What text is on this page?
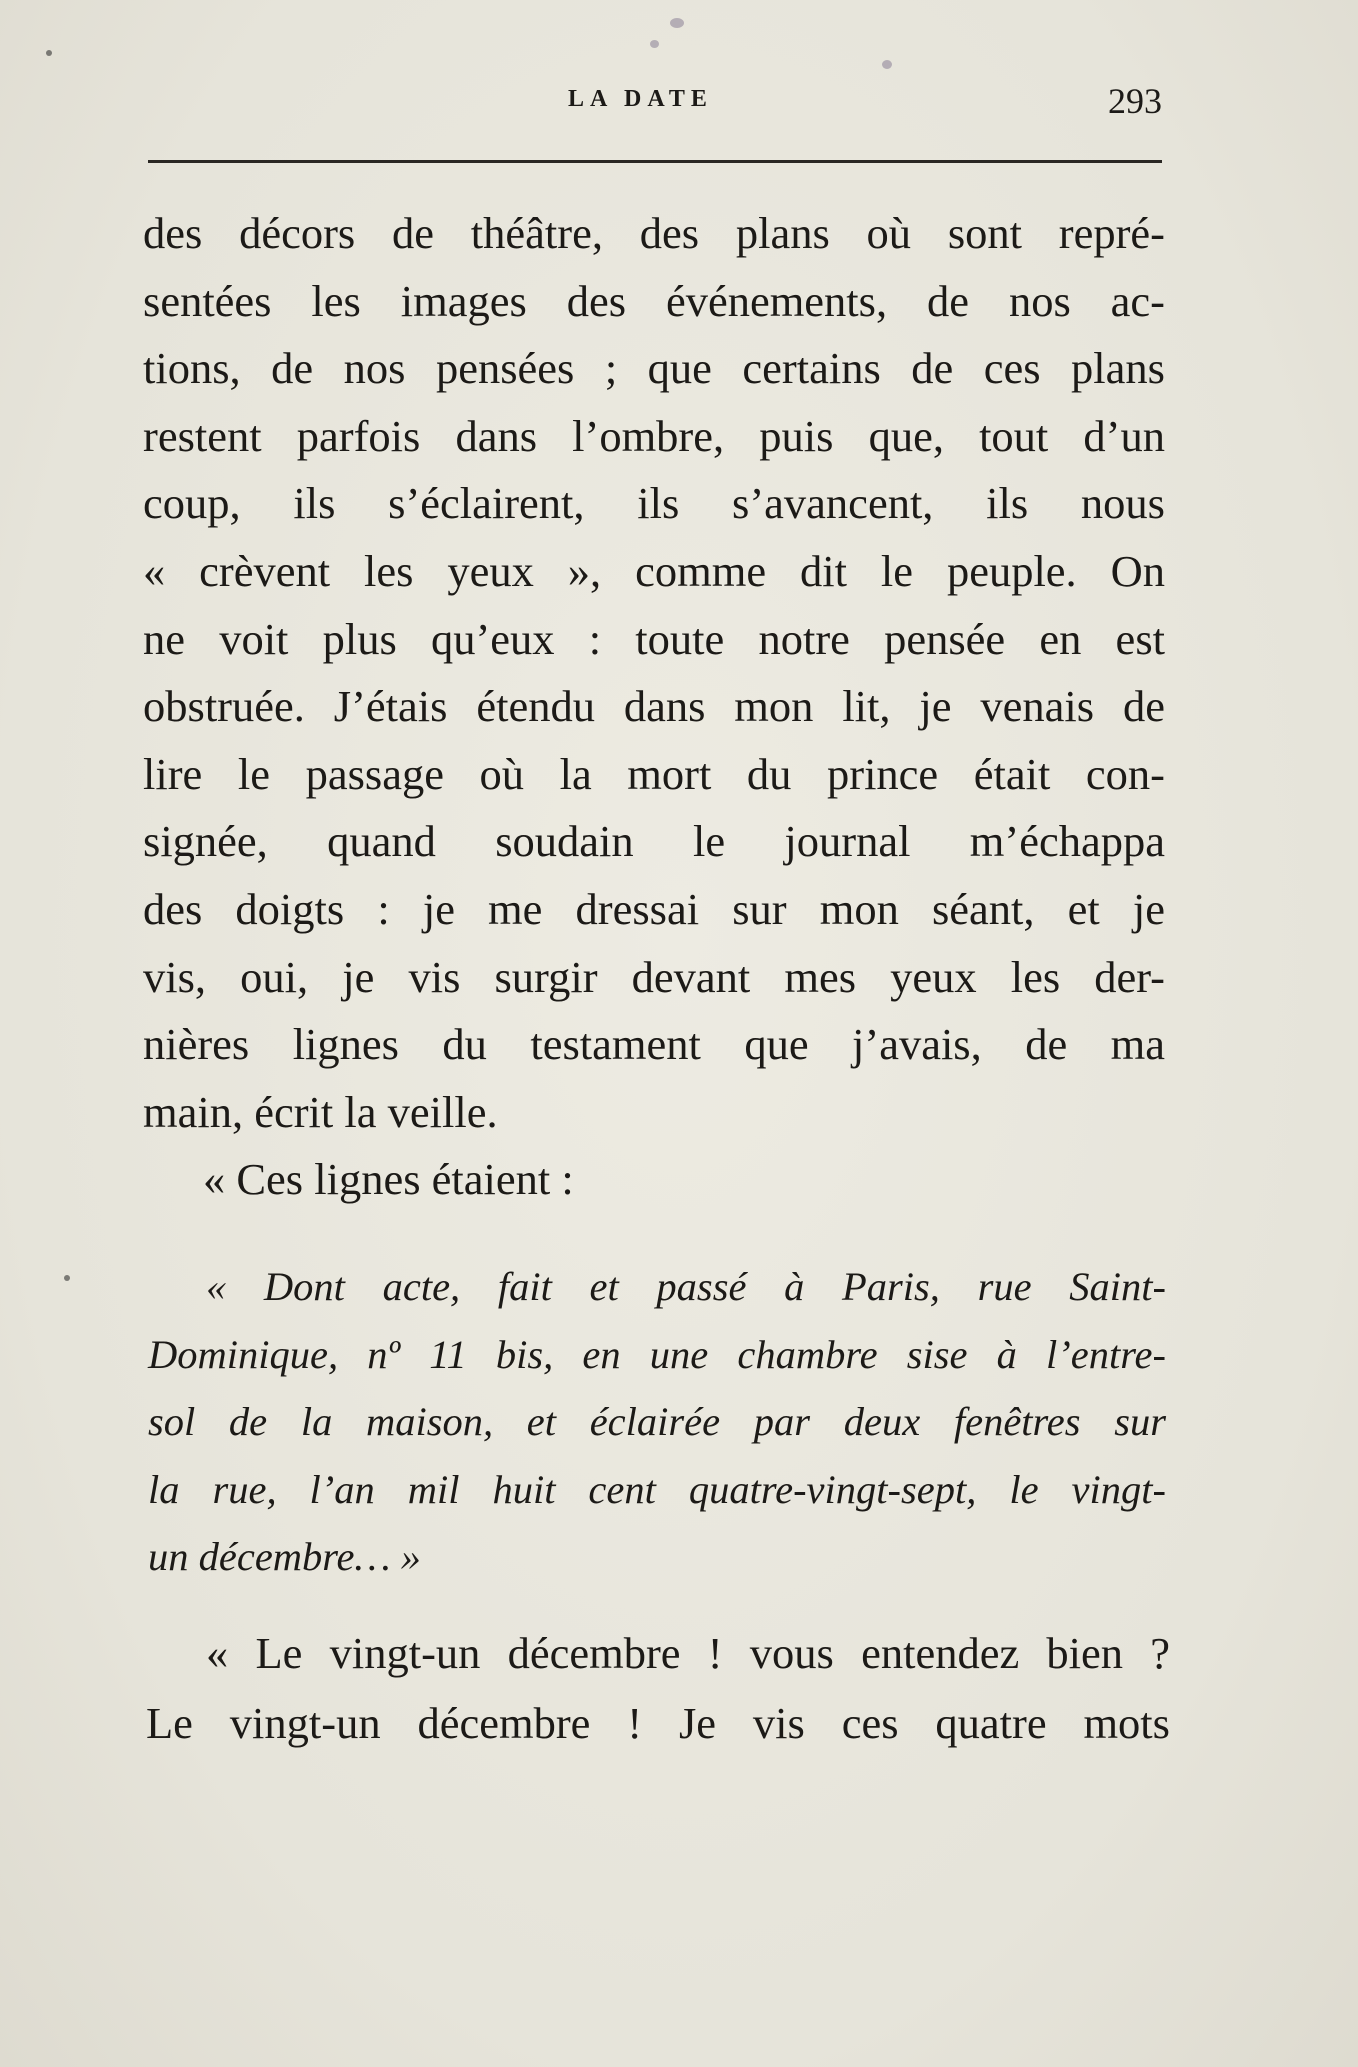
LA DATE	293
des décors de théâtre, des plans où sont repré-
sentées les images des événements, de nos ac-
tions, de nos pensées ; que certains de ces plans
restent parfois dans l’ombre, puis que, tout d’un
coup, ils s’éclairent, ils s’avancent, ils nous
« crèvent les yeux », comme dit le peuple. On
ne voit plus qu’eux : toute notre pensée en est
obstruée. J’étais étendu dans mon lit, je venais de
lire le passage où la mort du prince était con-
signée, quand soudain le journal m’échappa
des doigts : je me dressai sur mon séant, et je
vis, oui, je vis surgir devant mes yeux les der-
nières lignes du testament que j’avais, de ma
main, écrit la veille.
« Ces lignes étaient :
« Dont acte, fait et passé à Paris, rue Saint-
Dominique, nº 11 bis, en une chambre sise à l’entre-
sol de la maison, et éclairée par deux fenêtres sur
la rue, l’an mil huit cent quatre-vingt-sept, le vingt-
un décembre… »
« Le vingt-un décembre ! vous entendez bien ?
Le vingt-un décembre ! Je vis ces quatre mots
